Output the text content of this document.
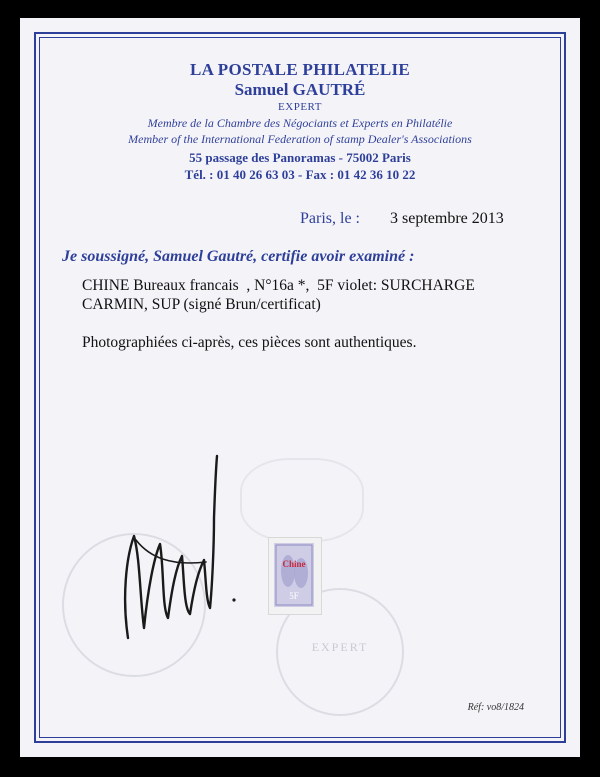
LA POSTALE PHILATELIE
Samuel GAUTRÉ
EXPERT
Membre de la Chambre des Négociants et Experts en Philatélie
Member of the International Federation of stamp Dealer's Associations
55 passage des Panoramas - 75002 Paris
Tél. : 01 40 26 63 03 - Fax : 01 42 36 10 22
Paris, le : 3 septembre 2013
Je soussigné, Samuel Gautré, certifie avoir examiné :
CHINE Bureaux francais  , N°16a *,  5F violet: SURCHARGE
CARMIN, SUP (signé Brun/certificat)
Photographiées ci-après, ces pièces sont authentiques.
EXPERT
Chine
5F
Réf: vo8/1824
